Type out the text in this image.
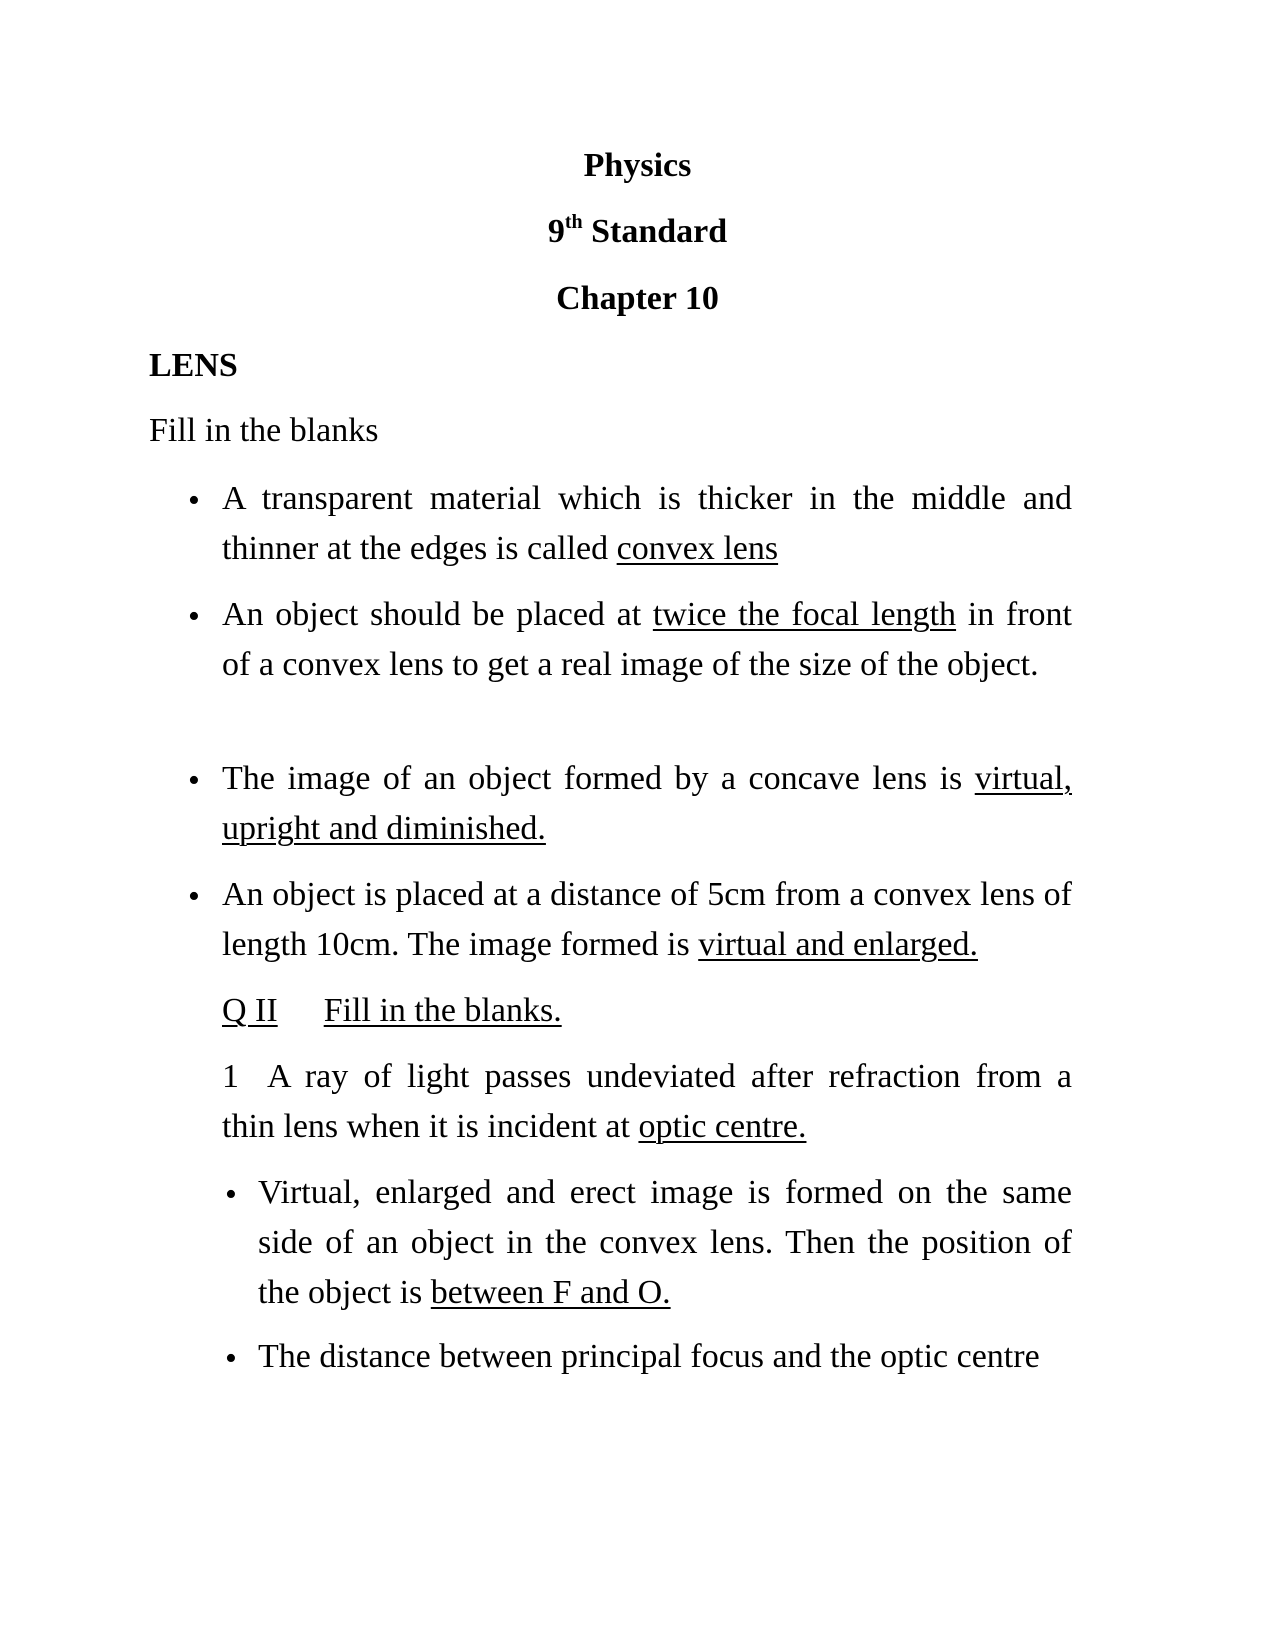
Physics
9th Standard
Chapter 10
LENS
Fill in the blanks
• A transparent material which is thicker in the middle and thinner at the edges is called convex lens
• An object should be placed at twice the focal length in front of a convex lens to get a real image of the size of the object.
• The image of an object formed by a concave lens is virtual, upright and diminished.
• An object is placed at a distance of 5cm from a convex lens of length 10cm. The image formed is virtual and enlarged.
Q II Fill in the blanks.
1 A ray of light passes undeviated after refraction from a thin lens when it is incident at optic centre.
• Virtual, enlarged and erect image is formed on the same side of an object in the convex lens. Then the position of the object is between F and O.
• The distance between principal focus and the optic centre
